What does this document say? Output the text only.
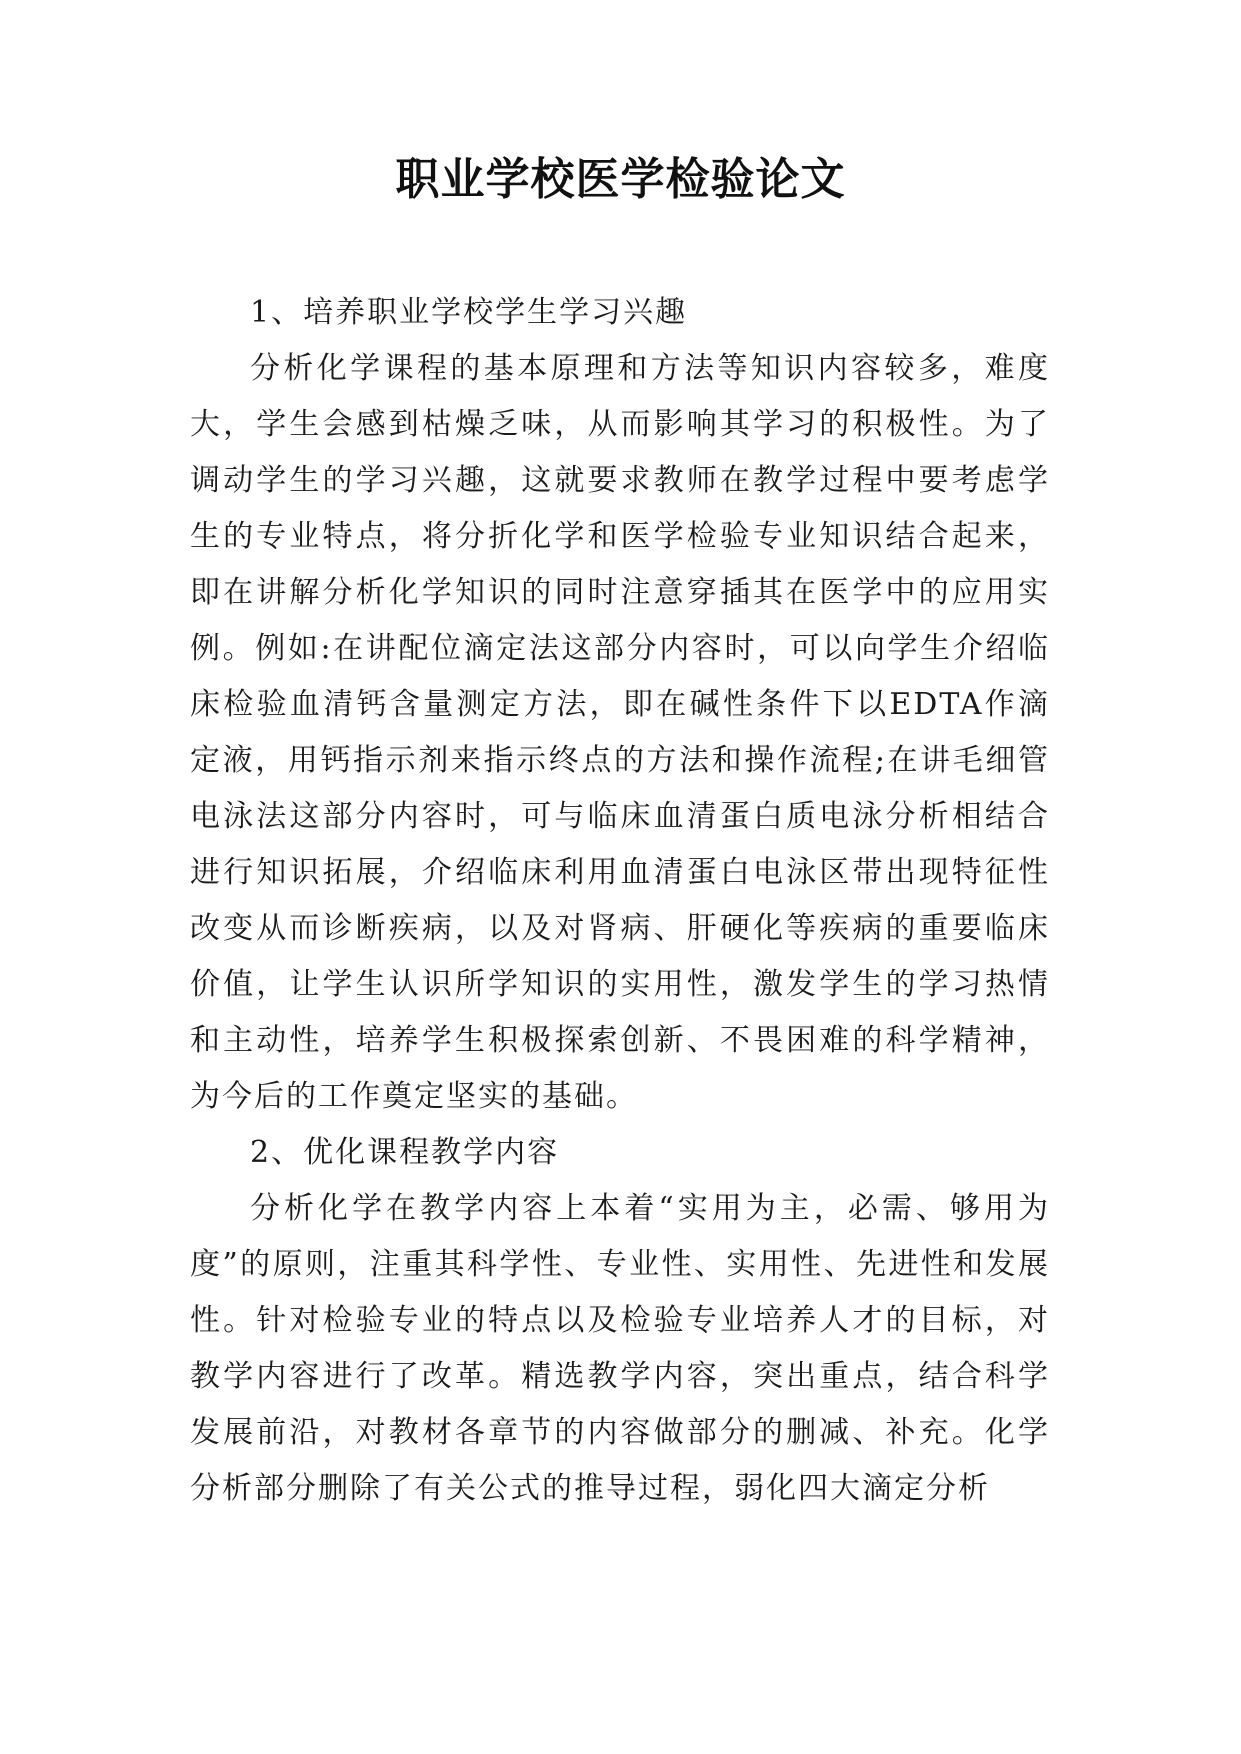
职业学校医学检验论文

1、培养职业学校学生学习兴趣

分析化学课程的基本原理和方法等知识内容较多，难度大，学生会感到枯燥乏味，从而影响其学习的积极性。为了调动学生的学习兴趣，这就要求教师在教学过程中要考虑学生的专业特点，将分折化学和医学检验专业知识结合起来，即在讲解分析化学知识的同时注意穿插其在医学中的应用实例。例如:在讲配位滴定法这部分内容时，可以向学生介绍临床检验血清钙含量测定方法，即在碱性条件下以EDTA作滴定液，用钙指示剂来指示终点的方法和操作流程;在讲毛细管电泳法这部分内容时，可与临床血清蛋白质电泳分析相结合进行知识拓展，介绍临床利用血清蛋白电泳区带出现特征性改变从而诊断疾病，以及对肾病、肝硬化等疾病的重要临床价值，让学生认识所学知识的实用性，激发学生的学习热情和主动性，培养学生积极探索创新、不畏困难的科学精神，为今后的工作奠定坚实的基础。

2、优化课程教学内容

分析化学在教学内容上本着“实用为主，必需、够用为度”的原则，注重其科学性、专业性、实用性、先进性和发展性。针对检验专业的特点以及检验专业培养人才的目标，对教学内容进行了改革。精选教学内容，突出重点，结合科学发展前沿，对教材各章节的内容做部分的删减、补充。化学分析部分删除了有关公式的推导过程，弱化四大滴定分析
